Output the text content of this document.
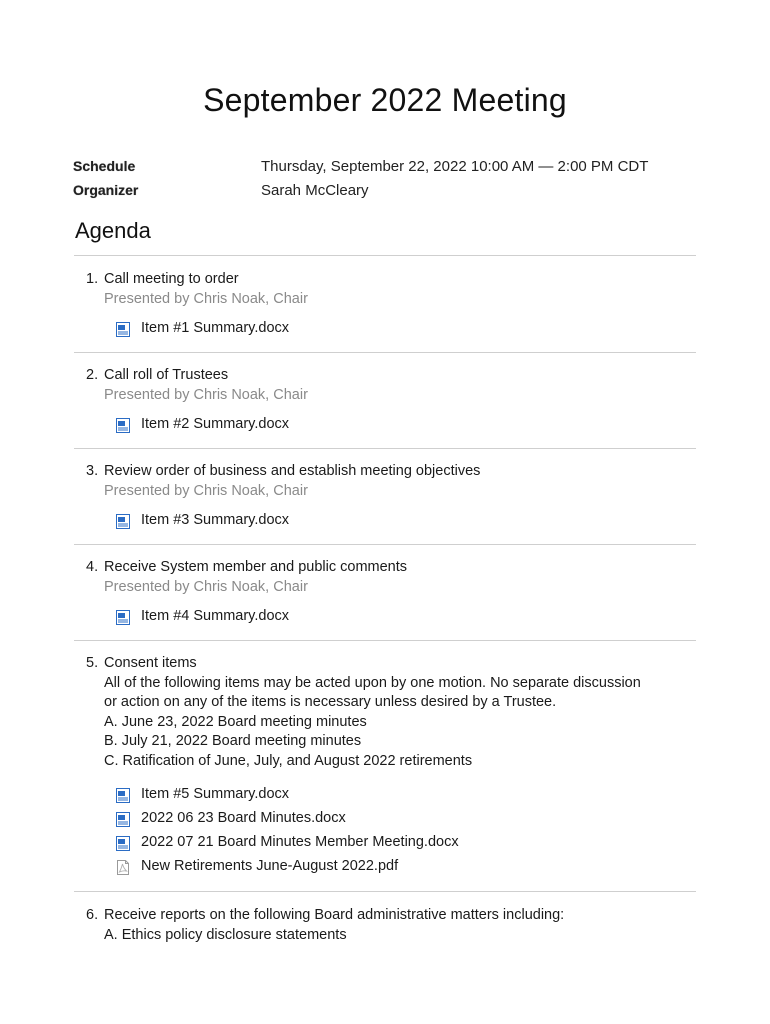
September 2022 Meeting
Schedule	Thursday, September 22, 2022 10:00 AM — 2:00 PM CDT
Organizer	Sarah McCleary
Agenda
1. Call meeting to order
Presented by Chris Noak, Chair
Item #1 Summary.docx
2. Call roll of Trustees
Presented by Chris Noak, Chair
Item #2 Summary.docx
3. Review order of business and establish meeting objectives
Presented by Chris Noak, Chair
Item #3 Summary.docx
4. Receive System member and public comments
Presented by Chris Noak, Chair
Item #4 Summary.docx
5. Consent items
All of the following items may be acted upon by one motion. No separate discussion
or action on any of the items is necessary unless desired by a Trustee.
A. June 23, 2022 Board meeting minutes
B. July 21, 2022 Board meeting minutes
C. Ratification of June, July, and August 2022 retirements
Item #5 Summary.docx
2022 06 23 Board Minutes.docx
2022 07 21 Board Minutes Member Meeting.docx
New Retirements June-August 2022.pdf
6. Receive reports on the following Board administrative matters including:
A. Ethics policy disclosure statements
